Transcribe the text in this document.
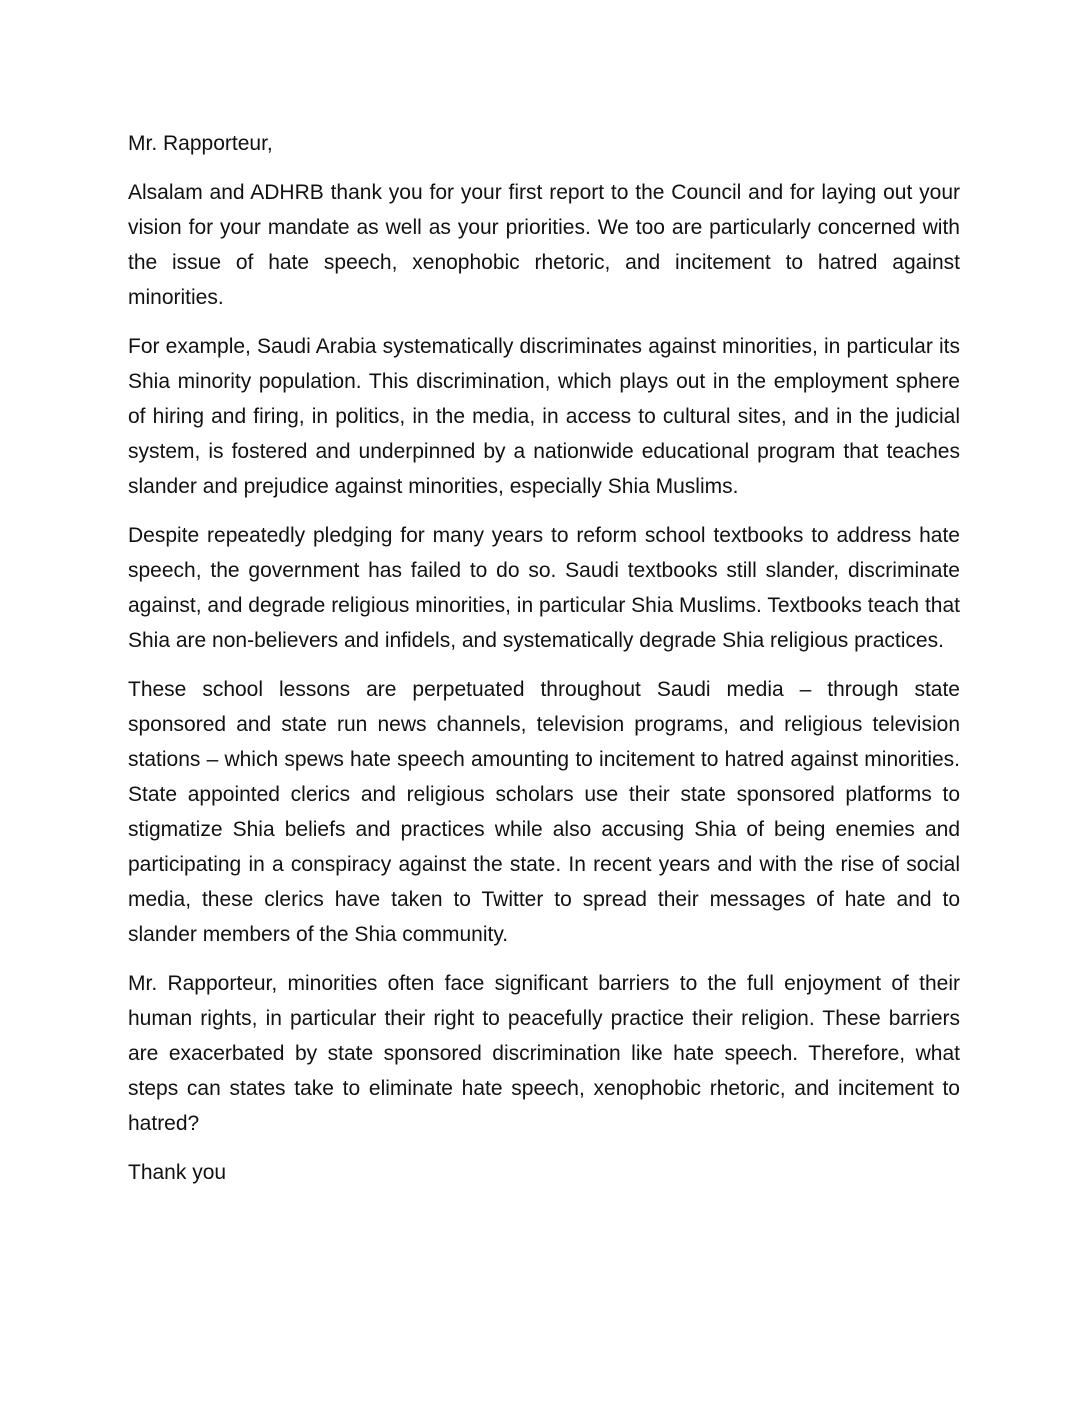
Mr. Rapporteur,

Alsalam and ADHRB thank you for your first report to the Council and for laying out your vision for your mandate as well as your priorities. We too are particularly concerned with the issue of hate speech, xenophobic rhetoric, and incitement to hatred against minorities.

For example, Saudi Arabia systematically discriminates against minorities, in particular its Shia minority population. This discrimination, which plays out in the employment sphere of hiring and firing, in politics, in the media, in access to cultural sites, and in the judicial system, is fostered and underpinned by a nationwide educational program that teaches slander and prejudice against minorities, especially Shia Muslims.

Despite repeatedly pledging for many years to reform school textbooks to address hate speech, the government has failed to do so. Saudi textbooks still slander, discriminate against, and degrade religious minorities, in particular Shia Muslims. Textbooks teach that Shia are non-believers and infidels, and systematically degrade Shia religious practices.

These school lessons are perpetuated throughout Saudi media – through state sponsored and state run news channels, television programs, and religious television stations – which spews hate speech amounting to incitement to hatred against minorities. State appointed clerics and religious scholars use their state sponsored platforms to stigmatize Shia beliefs and practices while also accusing Shia of being enemies and participating in a conspiracy against the state. In recent years and with the rise of social media, these clerics have taken to Twitter to spread their messages of hate and to slander members of the Shia community.

Mr. Rapporteur, minorities often face significant barriers to the full enjoyment of their human rights, in particular their right to peacefully practice their religion. These barriers are exacerbated by state sponsored discrimination like hate speech. Therefore, what steps can states take to eliminate hate speech, xenophobic rhetoric, and incitement to hatred?

Thank you
